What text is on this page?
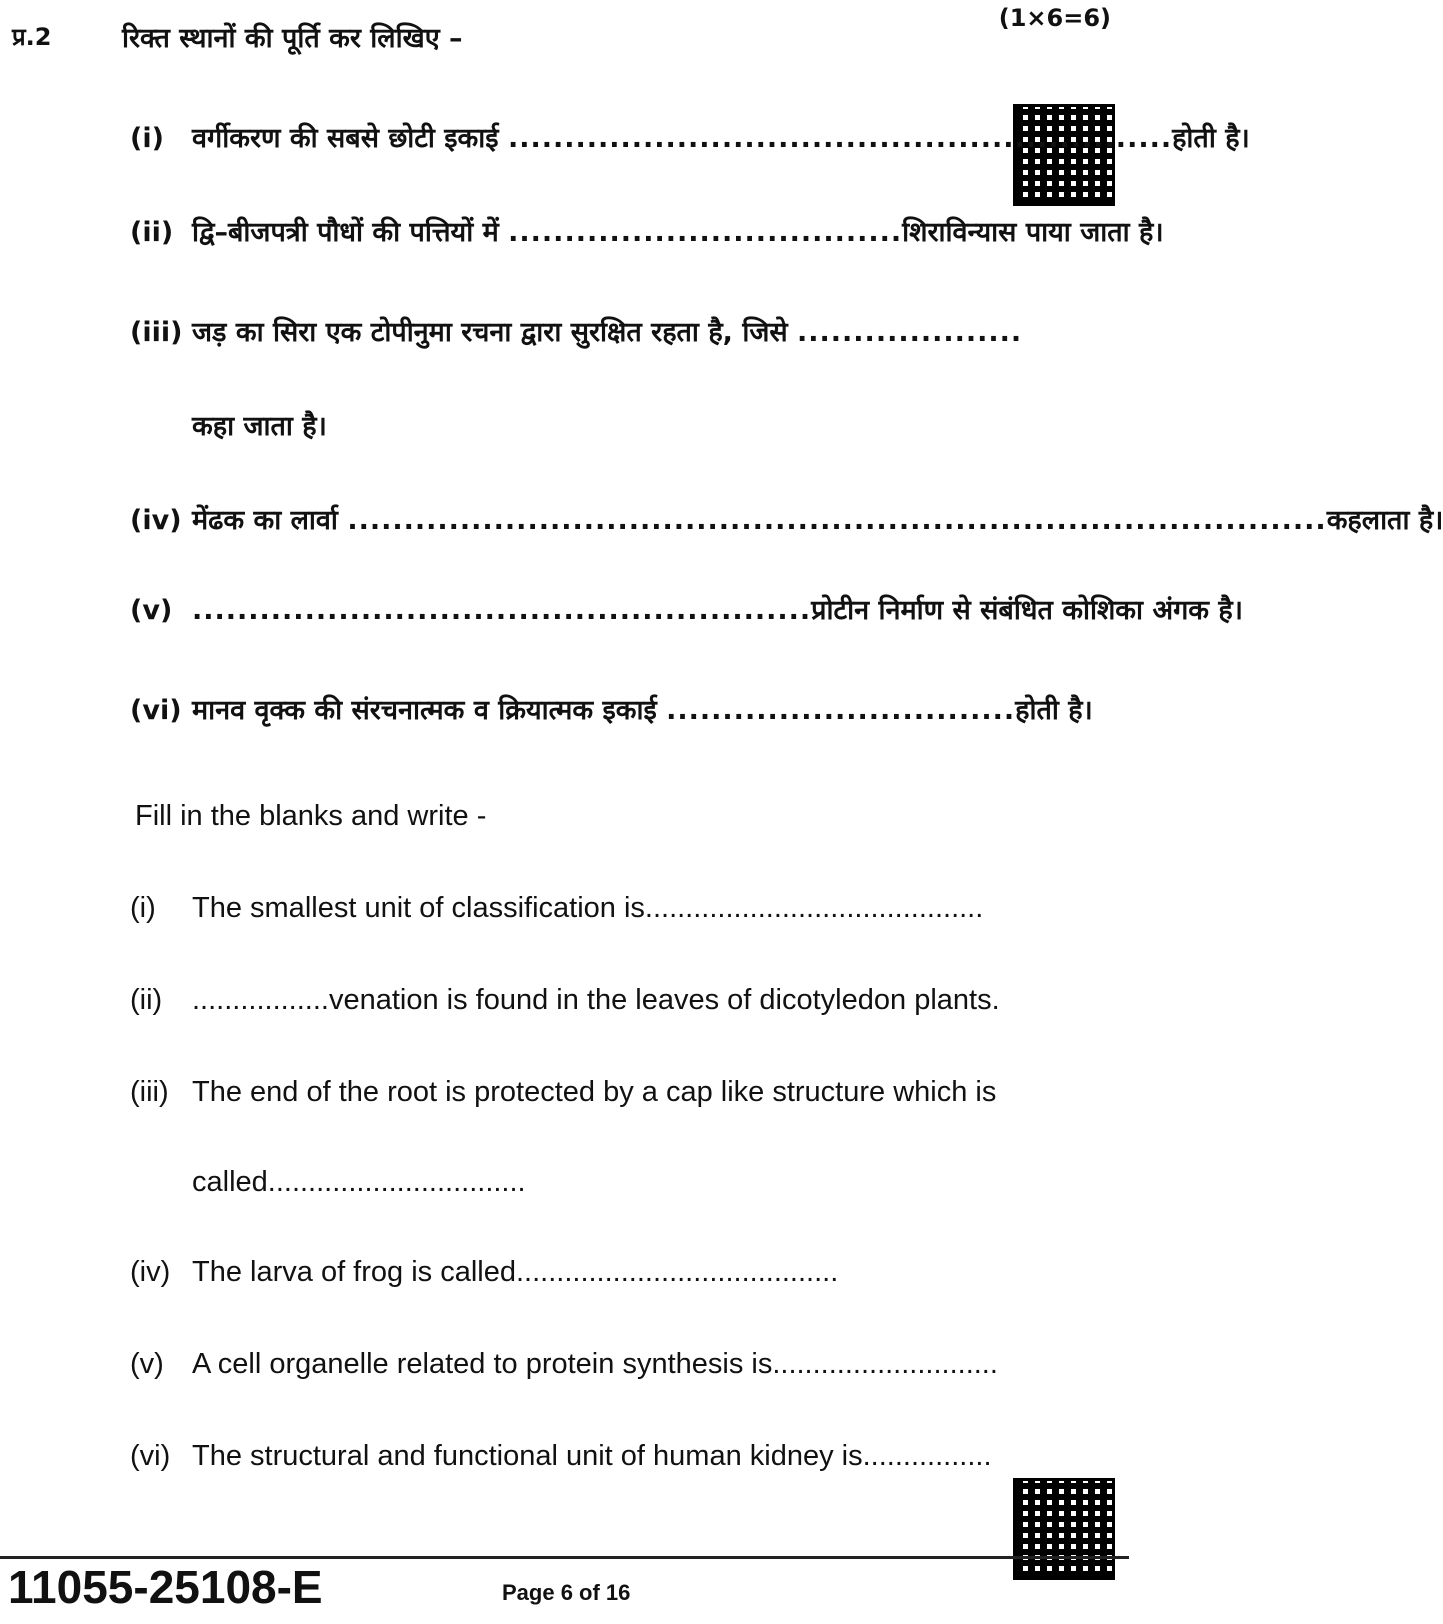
प्र.2	रिक्त स्थानों की पूर्ति कर लिखिए –
(1×6=6)
(i) वर्गीकरण की सबसे छोटी इकाई ...........................................................होती है।
(ii) द्वि–बीजपत्री पौधों की पत्तियों में ...................................शिराविन्यास पाया जाता है।
(iii) जड़ का सिरा एक टोपीनुमा रचना द्वारा सुरक्षित रहता है, जिसे ....................
कहा जाता है।
(iv) मेंढक का लार्वा .......................................................................................कहलाता है।
(v) .......................................................प्रोटीन निर्माण से संबंधित कोशिका अंगक है।
(vi) मानव वृक्क की संरचनात्मक व क्रियात्मक इकाई ...............................होती है।
Fill in the blanks and write -
(i) The smallest unit of classification is..........................................
(ii) .................venation is found in the leaves of dicotyledon plants.
(iii) The end of the root is protected by a cap like structure which is
called................................
(iv) The larva of frog is called........................................
(v) A cell organelle related to protein synthesis is............................
(vi) The structural and functional unit of human kidney is................
11055-25108-E	Page 6 of 16
